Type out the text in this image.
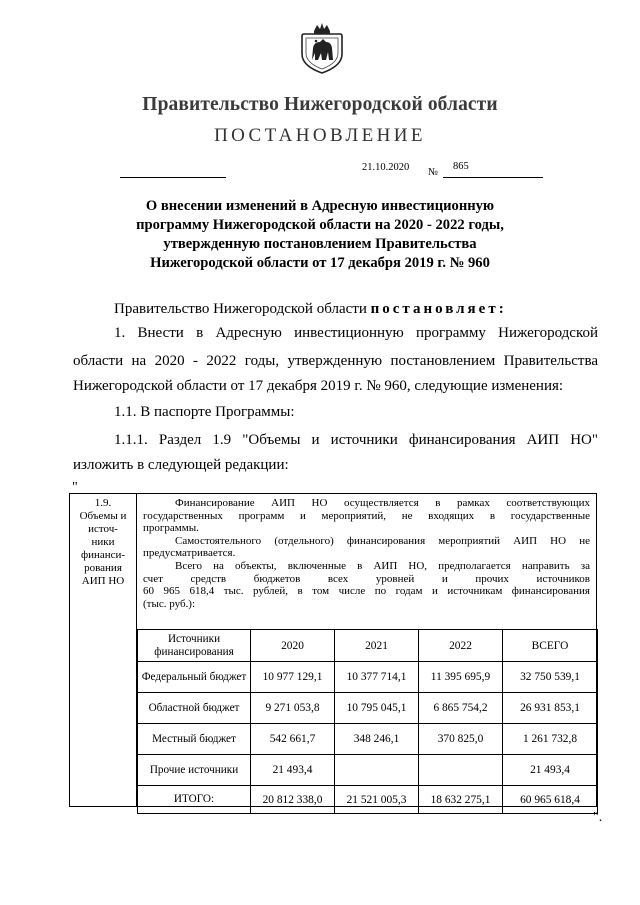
Правительство Нижегородской области
ПОСТАНОВЛЕНИЕ
21.10.2020 №
865
О внесении изменений в Адресную инвестиционную
программу Нижегородской области на 2020 - 2022 годы,
утвержденную постановлением Правительства
Нижегородской области от 17 декабря 2019 г. № 960
Правительство Нижегородской области постановляет:
1. Внести в Адресную инвестиционную программу Нижегородской
области на 2020 - 2022 годы, утвержденную постановлением Правительства
Нижегородской области от 17 декабря 2019 г. № 960, следующие изменения:
1.1. В паспорте Программы:
1.1.1. Раздел 1.9 "Объемы и источники финансирования АИП НО"
изложить в следующей редакции:
"
1.9.
Объемы и
источ-
ники
финанси-
рования
АИП НО

Финансирование АИП НО осуществляется в рамках соответствующих

государственных программ и мероприятий, не входящих в государственные

программы.

Самостоятельного (отдельного) финансирования мероприятий АИП НО не

предусматривается.

Всего на объекты, включенные в АИП НО, предполагается направить за

счет средств бюджетов всех уровней и прочих источников

60 965 618,4 тыс. рублей, в том числе по годам и источникам финансирования

(тыс. руб.):

Источники финансирования	2020	2021	2022	ВСЕГО
Федеральный бюджет	10 977 129,1	10 377 714,1	11 395 695,9	32 750 539,1
Областной бюджет	9 271 053,8	10 795 045,1	6 865 754,2	26 931 853,1
Местный бюджет	542 661,7	348 246,1	370 825,0	1 261 732,8
Прочие источники	21 493,4			21 493,4
ИТОГО:	20 812 338,0	21 521 005,3	18 632 275,1	60 965 618,4
".
